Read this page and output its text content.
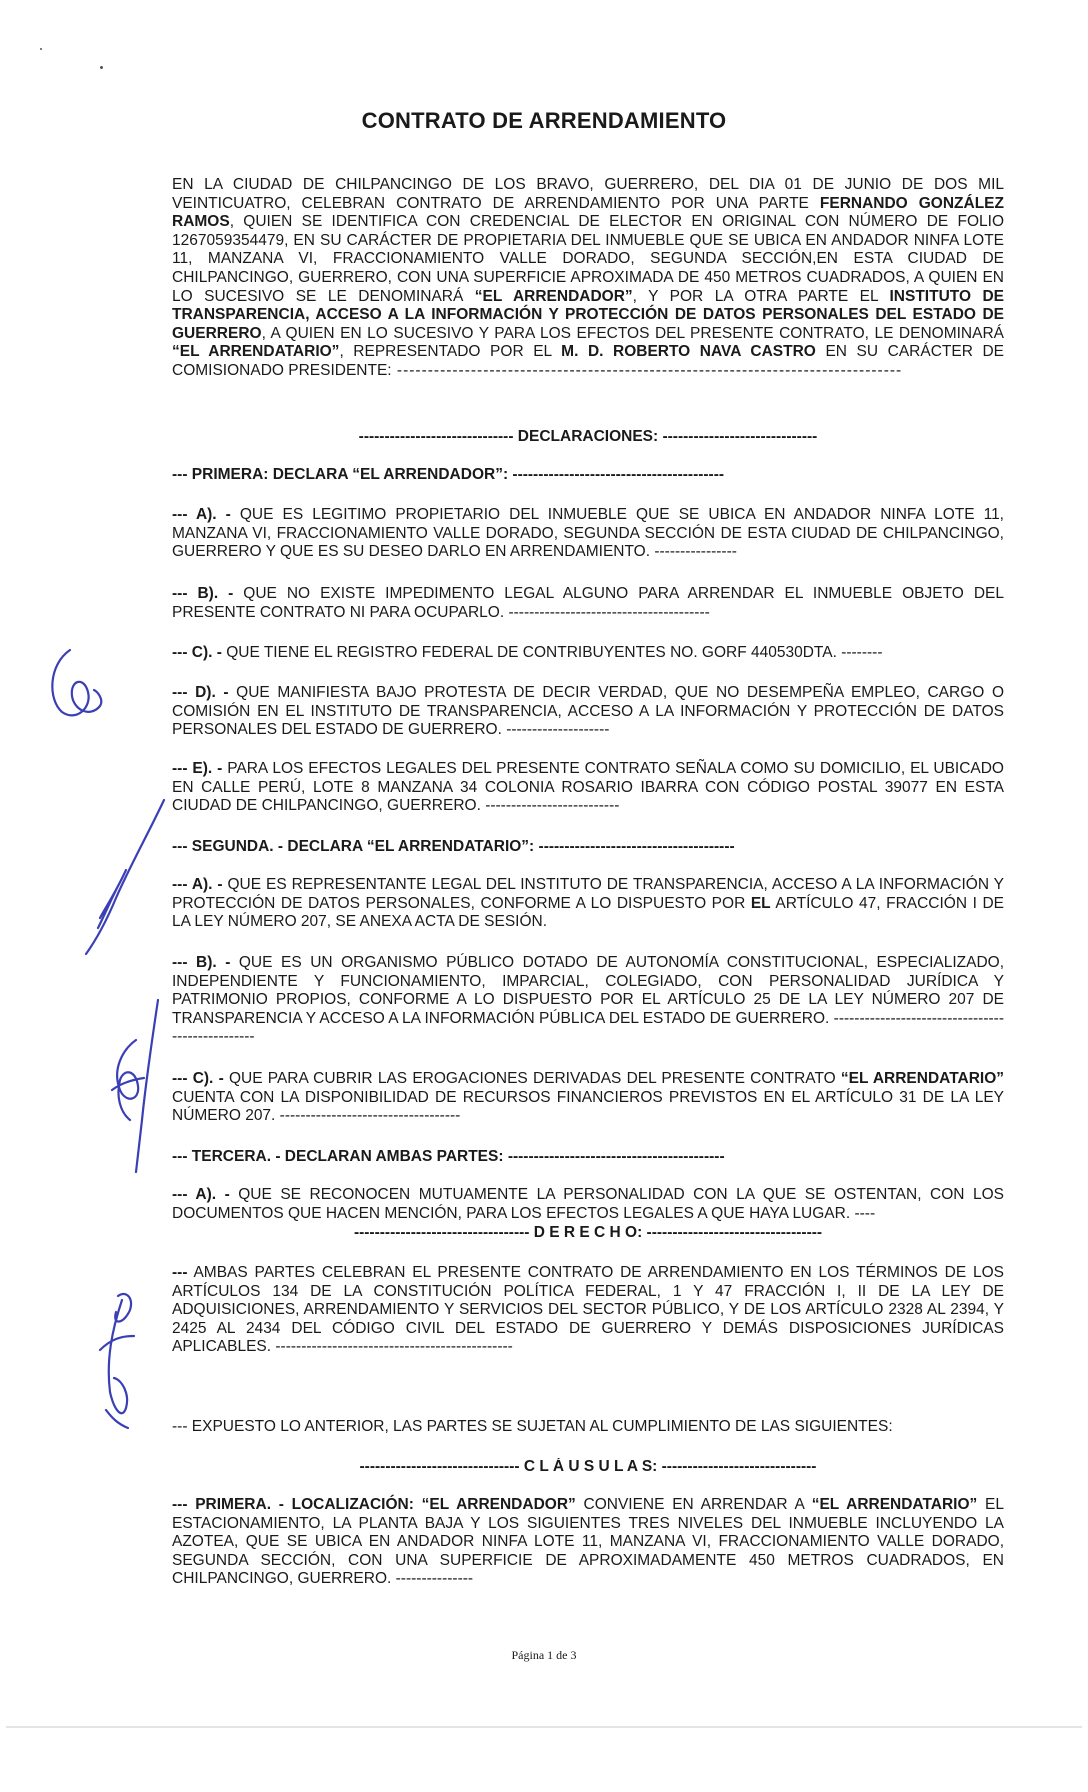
CONTRATO DE ARRENDAMIENTO

EN LA CIUDAD DE CHILPANCINGO DE LOS BRAVO, GUERRERO, DEL DIA 01 DE JUNIO DE DOS MIL VEINTICUATRO, CELEBRAN CONTRATO DE ARRENDAMIENTO POR UNA PARTE FERNANDO GONZÁLEZ RAMOS, QUIEN SE IDENTIFICA CON CREDENCIAL DE ELECTOR EN ORIGINAL CON NÚMERO DE FOLIO 1267059354479, EN SU CARÁCTER DE PROPIETARIA DEL INMUEBLE QUE SE UBICA EN ANDADOR NINFA LOTE 11, MANZANA VI, FRACCIONAMIENTO VALLE DORADO, SEGUNDA SECCIÓN,EN ESTA CIUDAD DE CHILPANCINGO, GUERRERO, CON UNA SUPERFICIE APROXIMADA DE 450 METROS CUADRADOS, A QUIEN EN LO SUCESIVO SE LE DENOMINARÁ “EL ARRENDADOR”, Y POR LA OTRA PARTE EL INSTITUTO DE TRANSPARENCIA, ACCESO A LA INFORMACIÓN Y PROTECCIÓN DE DATOS PERSONALES DEL ESTADO DE GUERRERO, A QUIEN EN LO SUCESIVO Y PARA LOS EFECTOS DEL PRESENTE CONTRATO, LE DENOMINARÁ “EL ARRENDATARIO”, REPRESENTADO POR EL M. D. ROBERTO NAVA CASTRO EN SU CARÁCTER DE COMISIONADO PRESIDENTE: ----------------------------------------------------------------------------------

------------------------------ DECLARACIONES: ------------------------------

--- PRIMERA: DECLARA “EL ARRENDADOR”: -----------------------------------------

--- A). - QUE ES LEGITIMO PROPIETARIO DEL INMUEBLE QUE SE UBICA EN ANDADOR NINFA LOTE 11, MANZANA VI, FRACCIONAMIENTO VALLE DORADO, SEGUNDA SECCIÓN DE ESTA CIUDAD DE CHILPANCINGO, GUERRERO Y QUE ES SU DESEO DARLO EN ARRENDAMIENTO. ----------------

--- B). - QUE NO EXISTE IMPEDIMENTO LEGAL ALGUNO PARA ARRENDAR EL INMUEBLE OBJETO DEL PRESENTE CONTRATO NI PARA OCUPARLO. ---------------------------------------

--- C). - QUE TIENE EL REGISTRO FEDERAL DE CONTRIBUYENTES NO. GORF 440530DTA. --------

--- D). - QUE MANIFIESTA BAJO PROTESTA DE DECIR VERDAD, QUE NO DESEMPEÑA EMPLEO, CARGO O COMISIÓN EN EL INSTITUTO DE TRANSPARENCIA, ACCESO A LA INFORMACIÓN Y PROTECCIÓN DE DATOS PERSONALES DEL ESTADO DE GUERRERO. --------------------

--- E). - PARA LOS EFECTOS LEGALES DEL PRESENTE CONTRATO SEÑALA COMO SU DOMICILIO, EL UBICADO EN CALLE PERÚ, LOTE 8 MANZANA 34 COLONIA ROSARIO IBARRA CON CÓDIGO POSTAL 39077 EN ESTA CIUDAD DE CHILPANCINGO, GUERRERO. --------------------------

--- SEGUNDA. - DECLARA “EL ARRENDATARIO”: --------------------------------------

--- A). - QUE ES REPRESENTANTE LEGAL DEL INSTITUTO DE TRANSPARENCIA, ACCESO A LA INFORMACIÓN Y PROTECCIÓN DE DATOS PERSONALES, CONFORME A LO DISPUESTO POR EL ARTÍCULO 47, FRACCIÓN I DE LA LEY NÚMERO 207, SE ANEXA ACTA DE SESIÓN.

--- B). - QUE ES UN ORGANISMO PÚBLICO DOTADO DE AUTONOMÍA CONSTITUCIONAL, ESPECIALIZADO, INDEPENDIENTE Y FUNCIONAMIENTO, IMPARCIAL, COLEGIADO, CON PERSONALIDAD JURÍDICA Y PATRIMONIO PROPIOS, CONFORME A LO DISPUESTO POR EL ARTÍCULO 25 DE LA LEY NÚMERO 207 DE TRANSPARENCIA Y ACCESO A LA INFORMACIÓN PÚBLICA DEL ESTADO DE GUERRERO. -------------------------------------------------

--- C). - QUE PARA CUBRIR LAS EROGACIONES DERIVADAS DEL PRESENTE CONTRATO “EL ARRENDATARIO” CUENTA CON LA DISPONIBILIDAD DE RECURSOS FINANCIEROS PREVISTOS EN EL ARTÍCULO 31 DE LA LEY NÚMERO 207. -----------------------------------

--- TERCERA. - DECLARAN AMBAS PARTES: ------------------------------------------

--- A). - QUE SE RECONOCEN MUTUAMENTE LA PERSONALIDAD CON LA QUE SE OSTENTAN, CON LOS DOCUMENTOS QUE HACEN MENCIÓN, PARA LOS EFECTOS LEGALES A QUE HAYA LUGAR. ----

---------------------------------- D E R E C H O: ----------------------------------

--- AMBAS PARTES CELEBRAN EL PRESENTE CONTRATO DE ARRENDAMIENTO EN LOS TÉRMINOS DE LOS ARTÍCULOS 134 DE LA CONSTITUCIÓN POLÍTICA FEDERAL, 1 Y 47 FRACCIÓN I, II DE LA LEY DE ADQUISICIONES, ARRENDAMIENTO Y SERVICIOS DEL SECTOR PÚBLICO, Y DE LOS ARTÍCULO 2328 AL 2394, Y 2425 AL 2434 DEL CÓDIGO CIVIL DEL ESTADO DE GUERRERO Y DEMÁS DISPOSICIONES JURÍDICAS APLICABLES. ----------------------------------------------

--- EXPUESTO LO ANTERIOR, LAS PARTES SE SUJETAN AL CUMPLIMIENTO DE LAS SIGUIENTES:

------------------------------- C L Á U S U L A S: ------------------------------

--- PRIMERA. - LOCALIZACIÓN: “EL ARRENDADOR” CONVIENE EN ARRENDAR A “EL ARRENDATARIO” EL ESTACIONAMIENTO, LA PLANTA BAJA Y LOS SIGUIENTES TRES NIVELES DEL INMUEBLE INCLUYENDO LA AZOTEA, QUE SE UBICA EN ANDADOR NINFA LOTE 11, MANZANA VI, FRACCIONAMIENTO VALLE DORADO, SEGUNDA SECCIÓN, CON UNA SUPERFICIE DE APROXIMADAMENTE 450 METROS CUADRADOS, EN CHILPANCINGO, GUERRERO. ---------------

Página 1 de 3
